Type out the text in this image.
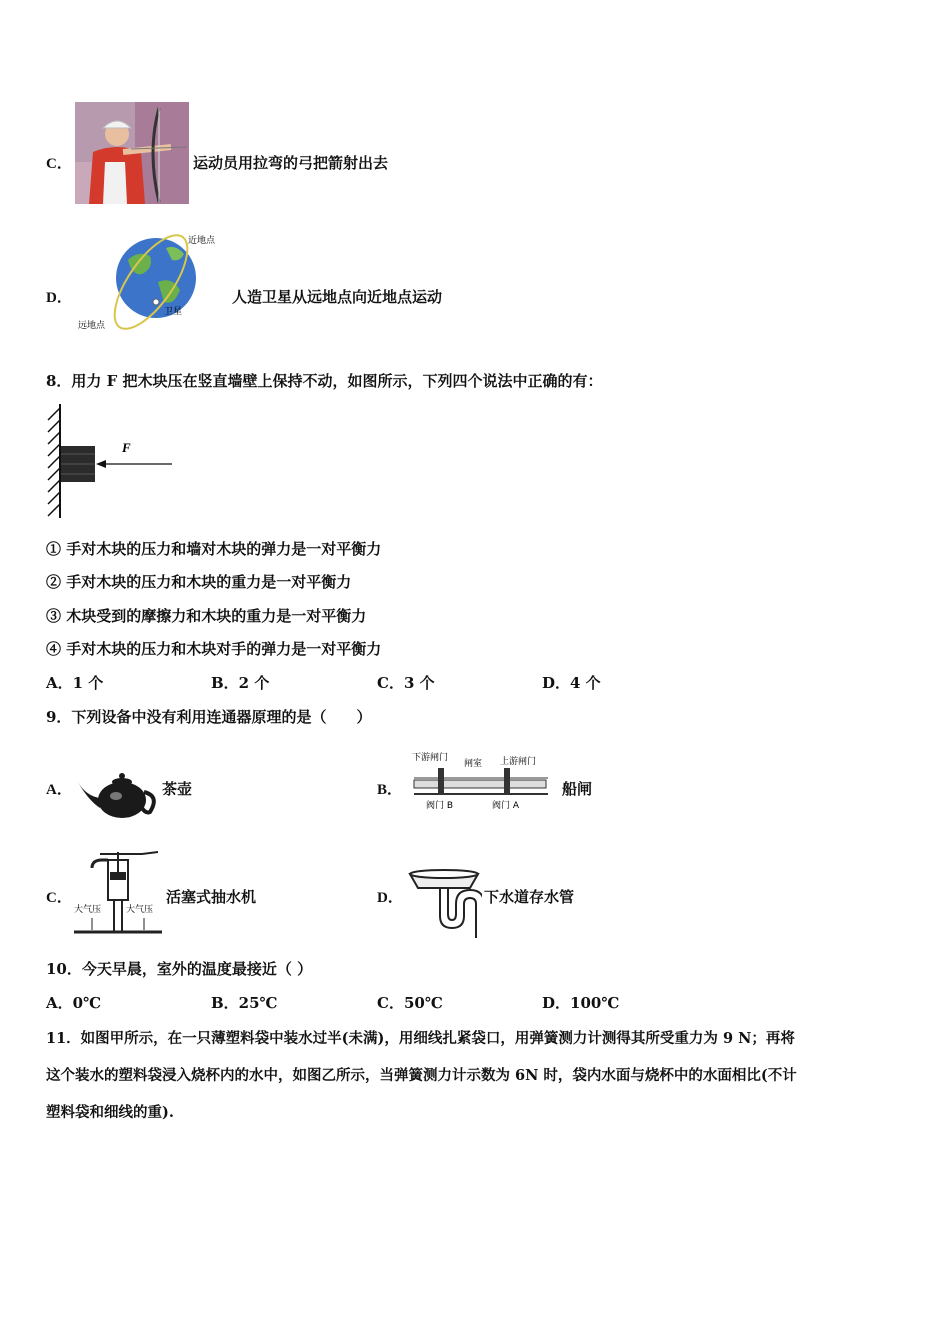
C．	运动员用拉弯的弓把箭射出去
D．
近地点
远地点
卫星
人造卫星从远地点向近地点运动
8．用力 F 把木块压在竖直墙壁上保持不动，如图所示，下列四个说法中正确的有：
F
① 手对木块的压力和墙对木块的弹力是一对平衡力
② 手对木块的压力和木块的重力是一对平衡力
③ 木块受到的摩擦力和木块的重力是一对平衡力
④ 手对木块的压力和木块对手的弹力是一对平衡力
A．1 个	B．2 个	C．3 个	D．4 个
9．下列设备中没有利用连通器原理的是（　　）
A．	茶壶	B．
下游闸门
闸室 上游闸门
阀门 B	阀门 A
船闸
C．
大气压	大气压
活塞式抽水机	D．	下水道存水管
10．今天早晨，室外的温度最接近（ ）
A．0℃	B．25℃	C．50℃	D．100℃
11．如图甲所示，在一只薄塑料袋中装水过半(未满)，用细线扎紧袋口，用弹簧测力计测得其所受重力为 9 N；再将
这个装水的塑料袋浸入烧杯内的水中，如图乙所示，当弹簧测力计示数为 6N 时，袋内水面与烧杯中的水面相比(不计
塑料袋和细线的重).
